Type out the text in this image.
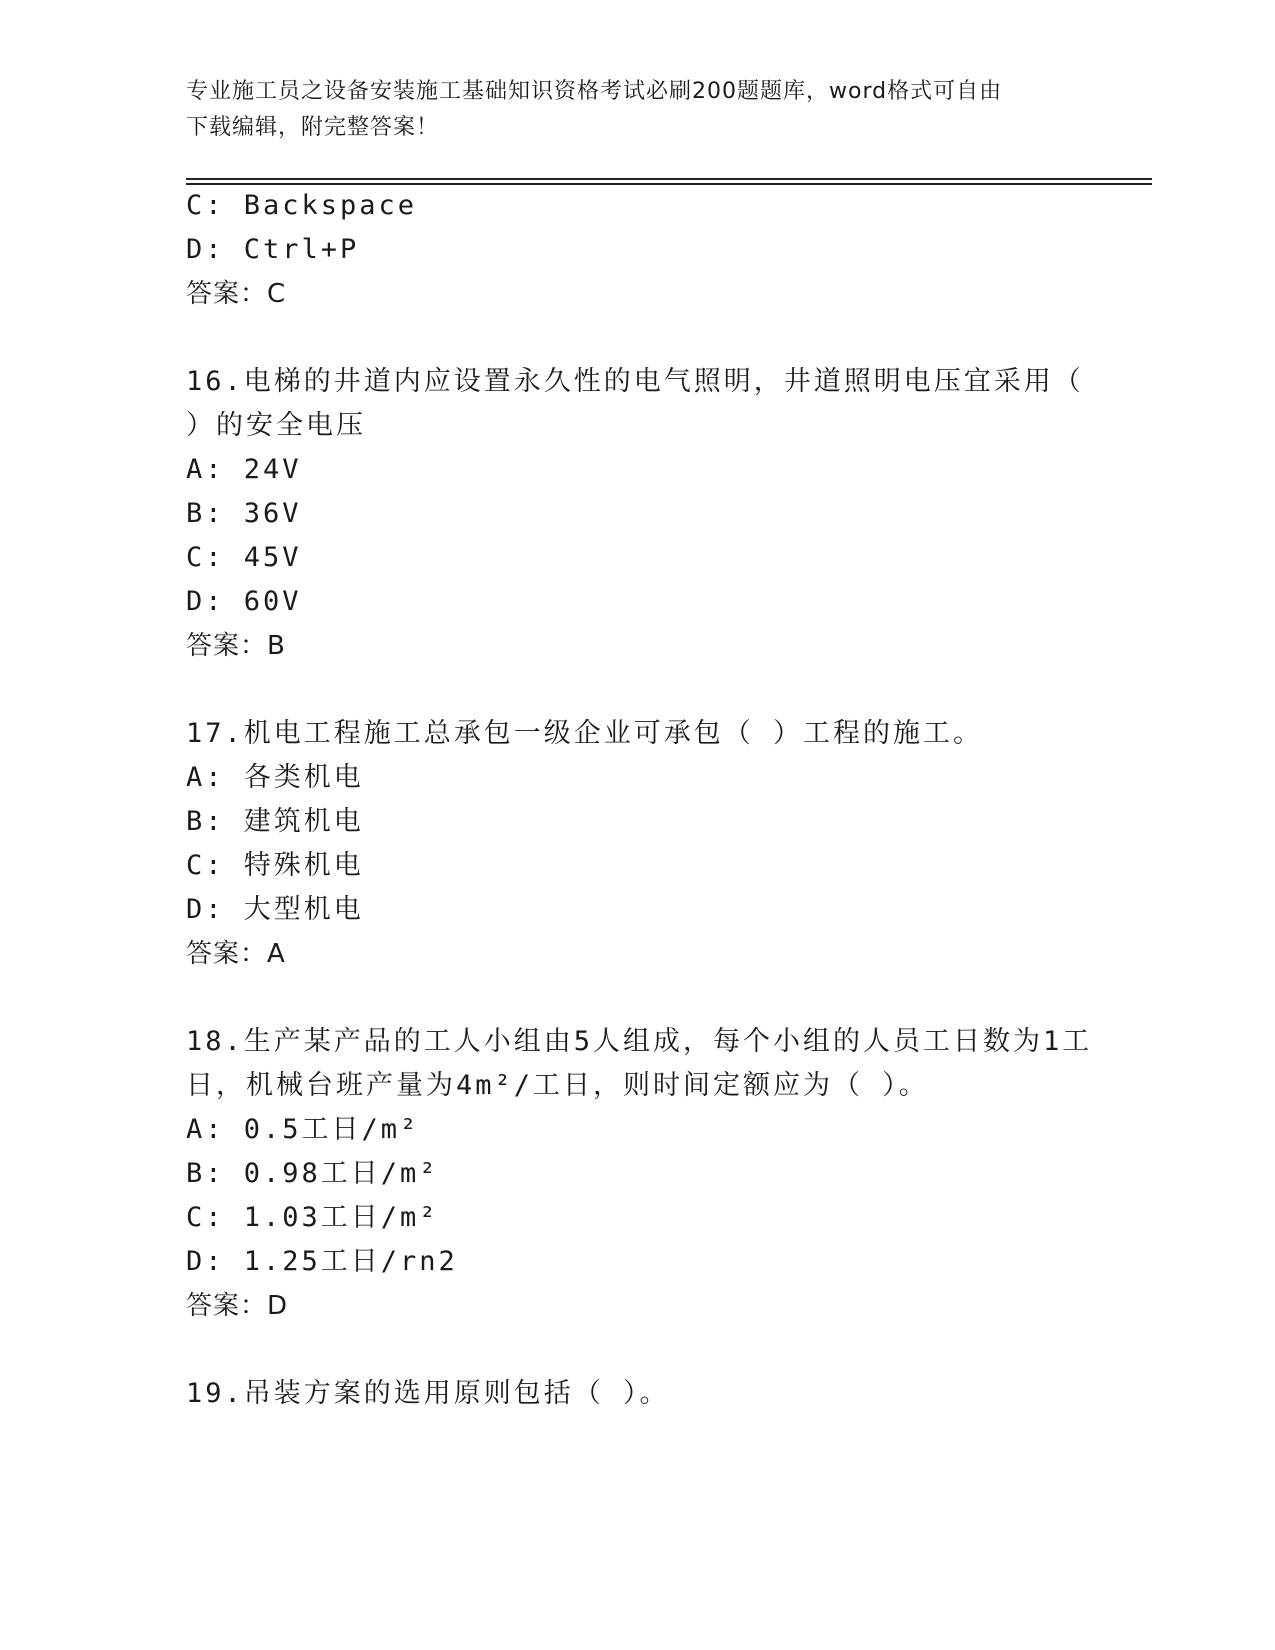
专业施工员之设备安装施工基础知识资格考试必刷200题题库，word格式可自由
下载编辑，附完整答案！
C: Backspace
D: Ctrl+P
答案：C
16.电梯的井道内应设置永久性的电气照明，井道照明电压宜采用（
）的安全电压
A: 24V
B: 36V
C: 45V
D: 60V
答案：B
17.机电工程施工总承包一级企业可承包（ ）工程的施工。
A: 各类机电
B: 建筑机电
C: 特殊机电
D: 大型机电
答案：A
18.生产某产品的工人小组由5人组成，每个小组的人员工日数为1工
日，机械台班产量为4m²/工日，则时间定额应为（ ）。
A: 0.5工日/m²
B: 0.98工日/m²
C: 1.03工日/m²
D: 1.25工日/rn2
答案：D
19.吊装方案的选用原则包括（ ）。
